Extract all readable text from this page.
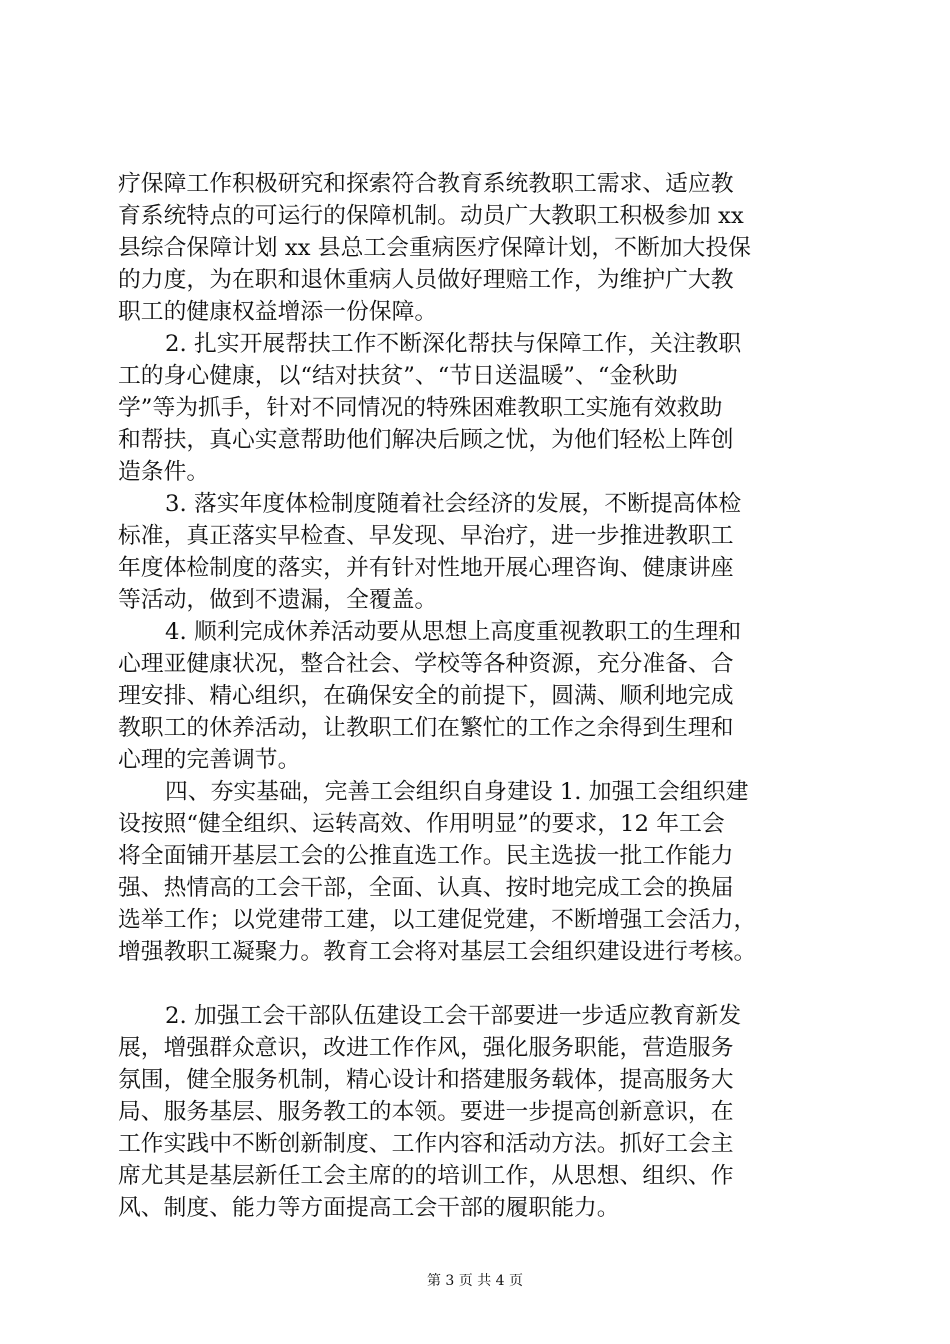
疗保障工作积极研究和探索符合教育系统教职工需求、适应教
育系统特点的可运行的保障机制。动员广大教职工积极参加 xx
县综合保障计划 xx 县总工会重病医疗保障计划，不断加大投保
的力度，为在职和退休重病人员做好理赔工作，为维护广大教
职工的健康权益增添一份保障。
2. 扎实开展帮扶工作不断深化帮扶与保障工作，关注教职
工的身心健康，以“结对扶贫”、“节日送温暖”、“金秋助
学”等为抓手，针对不同情况的特殊困难教职工实施有效救助
和帮扶，真心实意帮助他们解决后顾之忧，为他们轻松上阵创
造条件。
3. 落实年度体检制度随着社会经济的发展，不断提高体检
标准，真正落实早检查、早发现、早治疗，进一步推进教职工
年度体检制度的落实，并有针对性地开展心理咨询、健康讲座
等活动，做到不遗漏，全覆盖。
4. 顺利完成休养活动要从思想上高度重视教职工的生理和
心理亚健康状况，整合社会、学校等各种资源，充分准备、合
理安排、精心组织，在确保安全的前提下，圆满、顺利地完成
教职工的休养活动，让教职工们在繁忙的工作之余得到生理和
心理的完善调节。
四、夯实基础，完善工会组织自身建设 1. 加强工会组织建
设按照“健全组织、运转高效、作用明显”的要求，12 年工会
将全面铺开基层工会的公推直选工作。民主选拔一批工作能力
强、热情高的工会干部，全面、认真、按时地完成工会的换届
选举工作；以党建带工建，以工建促党建，不断增强工会活力，
增强教职工凝聚力。教育工会将对基层工会组织建设进行考核。
2. 加强工会干部队伍建设工会干部要进一步适应教育新发
展，增强群众意识，改进工作作风，强化服务职能，营造服务
氛围，健全服务机制，精心设计和搭建服务载体，提高服务大
局、服务基层、服务教工的本领。要进一步提高创新意识，在
工作实践中不断创新制度、工作内容和活动方法。抓好工会主
席尤其是基层新任工会主席的的培训工作，从思想、组织、作
风、制度、能力等方面提高工会干部的履职能力。
第 3 页 共 4 页
